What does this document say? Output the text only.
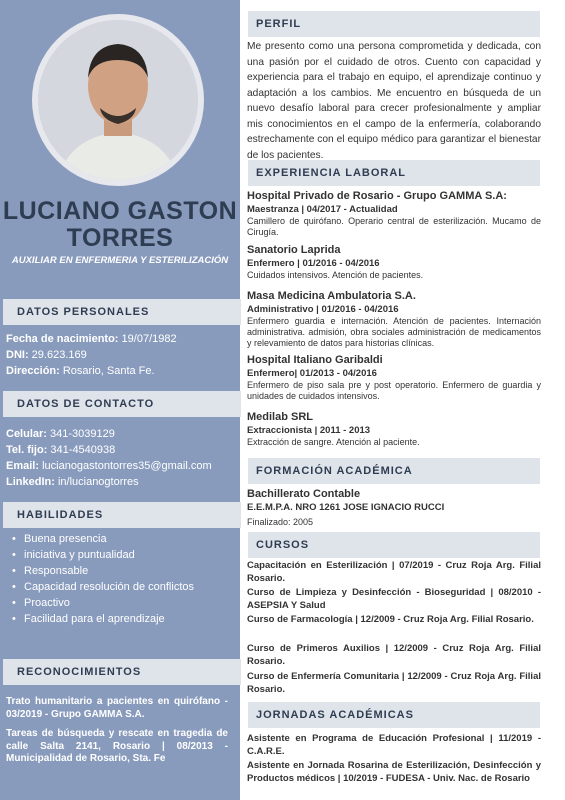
LUCIANO GASTON
TORRES
AUXILIAR EN ENFERMERIA Y ESTERILIZACIÓN
DATOS PERSONALES
Fecha de nacimiento: 19/07/1982
DNI: 29.623.169
Dirección: Rosario, Santa Fe.
DATOS DE CONTACTO
Celular: 341-3039129
Tel. fijo: 341-4540938
Email: lucianogastontorres35@gmail.com
LinkedIn: in/lucianogtorres
HABILIDADES
• Buena presencia
• iniciativa y puntualidad
• Responsable
• Capacidad resolución de conflictos
• Proactivo
• Facilidad para el aprendizaje
RECONOCIMIENTOS
Trato humanitario a pacientes en quirófano - 03/2019 - Grupo GAMMA S.A.
Tareas de búsqueda y rescate en tragedia de calle Salta 2141, Rosario | 08/2013 - Municipalidad de Rosario, Sta. Fe
PERFIL
Me presento como una persona comprometida y dedicada, con una pasión por el cuidado de otros. Cuento con capacidad y experiencia para el trabajo en equipo, el aprendizaje continuo y adaptación a los cambios. Me encuentro en búsqueda de un nuevo desafío laboral para crecer profesionalmente y ampliar mis conocimientos en el campo de la enfermería, colaborando estrechamente con el equipo médico para garantizar el bienestar de los pacientes.
EXPERIENCIA LABORAL
Hospital Privado de Rosario - Grupo GAMMA S.A:
Maestranza | 04/2017 - Actualidad
Camillero de quirófano. Operario central de esterilización. Mucamo de Cirugía.
Sanatorio Laprida
Enfermero | 01/2016 - 04/2016
Cuidados intensivos. Atención de pacientes.
Masa Medicina Ambulatoria S.A.
Administrativo | 01/2016 - 04/2016
Enfermero guardia e internación. Atención de pacientes. Internación administrativa. admisión, obra sociales administración de medicamentos y relevamiento de datos para historias clínicas.
Hospital Italiano Garibaldi
Enfermero| 01/2013 - 04/2016
Enfermero de piso sala pre y post operatorio. Enfermero de guardia y unidades de cuidados intensivos.
Medilab SRL
Extraccionista | 2011 - 2013
Extracción de sangre. Atención al paciente.
FORMACIÓN ACADÉMICA
Bachillerato Contable
E.E.M.P.A. NRO 1261 JOSE IGNACIO RUCCI
Finalizado: 2005
CURSOS
Capacitación en Esterilización | 07/2019 - Cruz Roja Arg. Filial Rosario.
Curso de Limpieza y Desinfección - Bioseguridad | 08/2010 - ASEPSIA Y Salud
Curso de Farmacología | 12/2009 - Cruz Roja Arg. Filial Rosario.
Curso de Primeros Auxilios | 12/2009 - Cruz Roja Arg. Filial Rosario.
Curso de Enfermería Comunitaria | 12/2009 - Cruz Roja Arg. Filial Rosario.
JORNADAS ACADÉMICAS
Asistente en Programa de Educación Profesional | 11/2019 - C.A.R.E.
Asistente en Jornada Rosarina de Esterilización, Desinfección y Productos médicos | 10/2019 - FUDESA - Univ. Nac. de Rosario
